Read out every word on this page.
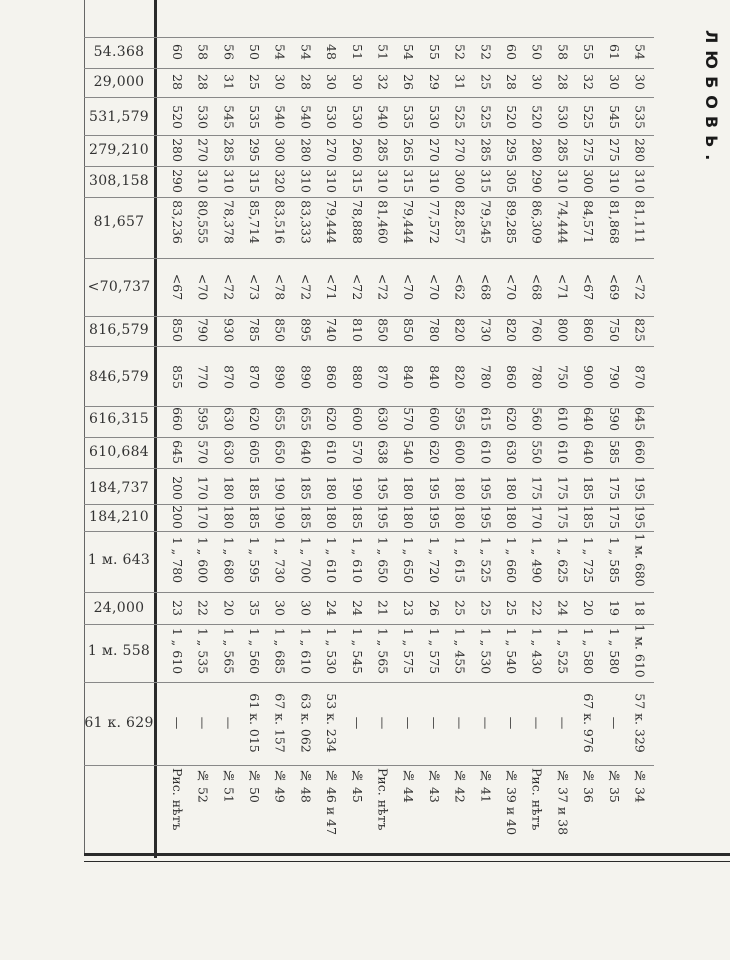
ЛЮБОВЬ.
54.368
29,000
531,579
279,210
308,158
81,657
<70,737
816,579
846,579
616,315
610,684
184,737
184,210
1 м. 643
24,000
1 м. 558
61 к. 629
54
30
535
280
310
81,111
<72
825
870
645
660
195
195
1 м. 680
18
1 м. 610
57 к. 329
№ 34
61
30
545
275
310
81,868
<69
750
790
590
585
175
175
1 „ 585
19
1 „ 580
—
№ 35
55
32
525
275
300
84,571
<67
860
900
640
640
185
185
1 „ 725
20
1 „ 580
67 к. 976
№ 36
58
28
530
285
310
74,444
<71
800
750
610
610
175
175
1 „ 625
24
1 „ 525
—
№ 37 и 38
50
30
520
280
290
86,309
<68
760
780
560
550
175
170
1 „ 490
22
1 „ 430
—
Рис. нѣтъ
60
28
520
295
305
89,285
<70
820
860
620
630
180
180
1 „ 660
25
1 „ 540
—
№ 39 и 40
52
25
525
285
315
79,545
<68
730
780
615
610
195
195
1 „ 525
25
1 „ 530
—
№ 41
52
31
525
270
300
82,857
<62
820
820
595
600
180
180
1 „ 615
25
1 „ 455
—
№ 42
55
29
530
270
310
77,572
<70
780
840
600
620
195
195
1 „ 720
26
1 „ 575
—
№ 43
54
26
535
265
315
79,444
<70
850
840
570
540
180
180
1 „ 650
23
1 „ 575
—
№ 44
51
32
540
285
310
81,460
<72
850
870
630
638
195
195
1 „ 650
21
1 „ 565
—
Рис. нѣтъ
51
30
530
260
315
78,888
<72
810
880
600
570
190
185
1 „ 610
24
1 „ 545
—
№ 45
48
30
530
270
310
79,444
<71
740
860
620
610
180
180
1 „ 610
24
1 „ 530
53 к. 234
№ 46 и 47
54
28
540
280
310
83,333
<72
895
890
655
640
185
185
1 „ 700
30
1 „ 610
63 к. 062
№ 48
54
30
540
300
320
83,516
<78
850
890
655
650
190
190
1 „ 730
30
1 „ 685
67 к. 157
№ 49
50
25
535
295
315
85,714
<73
785
870
620
605
185
185
1 „ 595
35
1 „ 560
61 к. 015
№ 50
56
31
545
285
310
78,378
<72
930
870
630
630
180
180
1 „ 680
20
1 „ 565
—
№ 51
58
28
530
270
310
80,555
<70
790
770
595
570
170
170
1 „ 600
22
1 „ 535
—
№ 52
60
28
520
280
290
83,236
<67
850
855
660
645
200
200
1 „ 780
23
1 „ 610
—
Рис. нѣтъ
